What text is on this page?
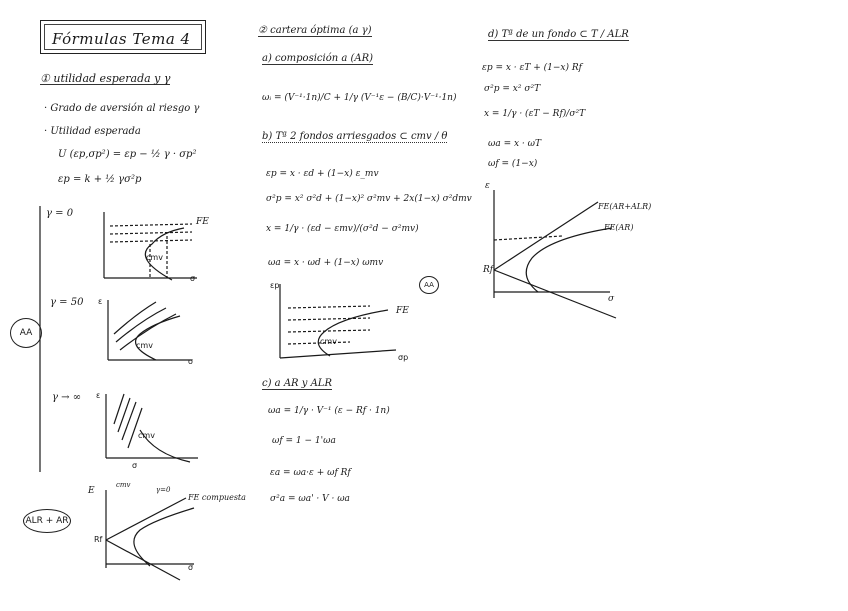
Fórmulas Tema 4
① utilidad esperada y γ
· Grado de aversión al riesgo γ
· Utilidad esperada
U (εp,σp²) = εp − ½ γ · σp²
εp = k + ½ γσ²p
AA
γ = 0
cmv
σ
FE
γ = 50
cmv
σ
ε
γ → ∞
cmv
σ
ε
ALR + AR
Rf
σ
E
cmv
γ=0
FE compuesta
② cartera óptima (a γ)
a) composición a (AR)
ωᵢ = (V⁻¹·1n)/C + 1/γ (V⁻¹ε − (B/C)·V⁻¹·1n)
b) Tª 2 fondos arriesgados ⊂ cmv / θ
εp = x · εd + (1−x) ε_mv
σ²p = x² σ²d + (1−x)² σ²mv + 2x(1−x) σ²dmv
x = 1/γ · (εd − εmv)/(σ²d − σ²mv)
ωa = x · ωd + (1−x) ωmv
AA
εp
σp
cmv
FE
c) a AR y ALR
ωa = 1/γ · V⁻¹ (ε − Rf · 1n)
ωf = 1 − 1'ωa
εa = ωa·ε + ωf Rf
σ²a = ωa' · V · ωa
d) Tª de un fondo ⊂ T / ALR
εp = x · εT + (1−x) Rf
σ²p = x² σ²T
x = 1/γ · (εT − Rf)/σ²T
ωa = x · ωT
ωf = (1−x)
ε
Rf
σ
FE(AR+ALR)
FE(AR)
